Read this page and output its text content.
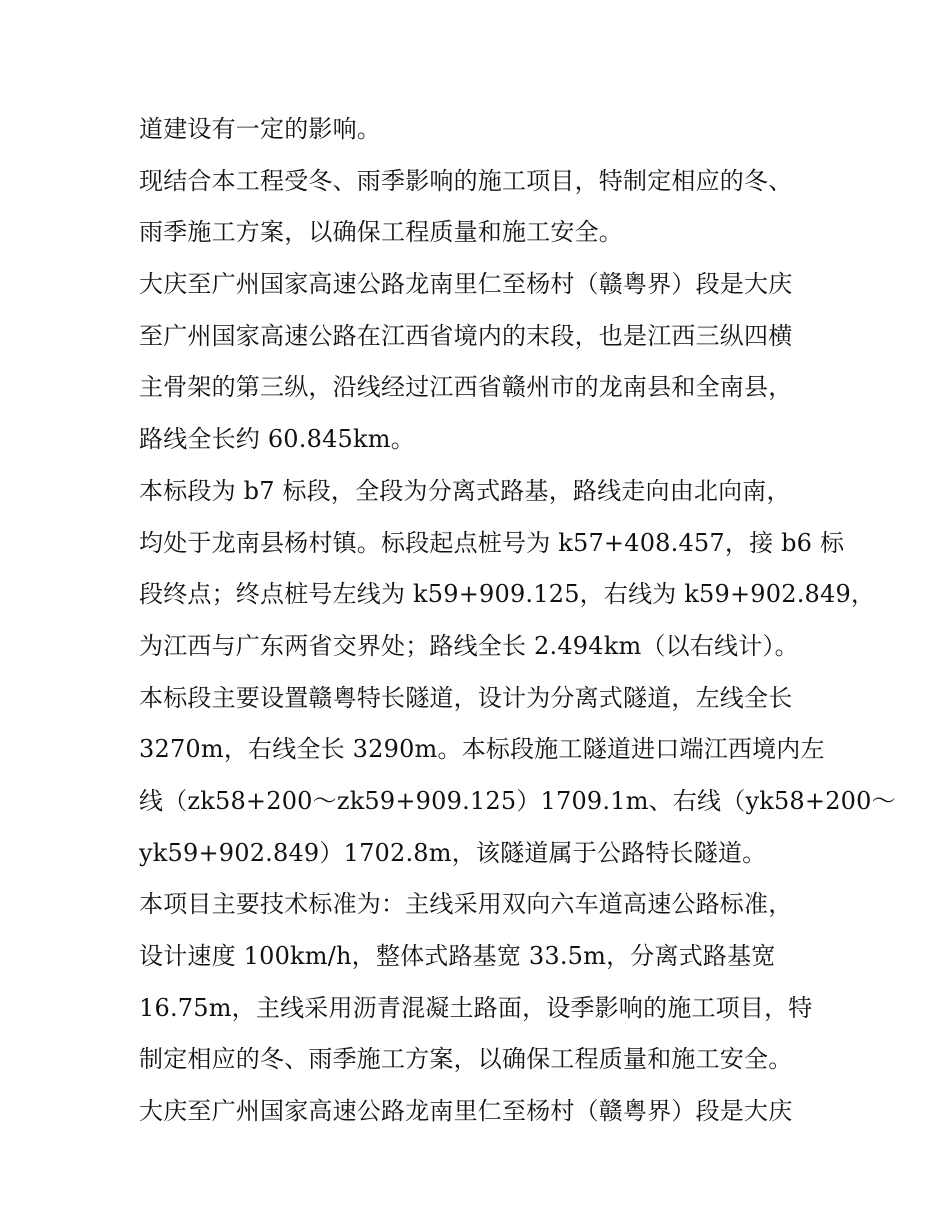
道建设有一定的影响。
现结合本工程受冬、雨季影响的施工项目，特制定相应的冬、
雨季施工方案，以确保工程质量和施工安全。
大庆至广州国家高速公路龙南里仁至杨村（赣粤界）段是大庆
至广州国家高速公路在江西省境内的末段，也是江西三纵四横
主骨架的第三纵，沿线经过江西省赣州市的龙南县和全南县，
路线全长约 60.845km。
本标段为 b7 标段，全段为分离式路基，路线走向由北向南，
均处于龙南县杨村镇。标段起点桩号为 k57+408.457，接 b6 标
段终点；终点桩号左线为 k59+909.125，右线为 k59+902.849，
为江西与广东两省交界处；路线全长 2.494km（以右线计）。
本标段主要设置赣粤特长隧道，设计为分离式隧道，左线全长
3270m，右线全长 3290m。本标段施工隧道进口端江西境内左
线（zk58+200～zk59+909.125）1709.1m、右线（yk58+200～
yk59+902.849）1702.8m，该隧道属于公路特长隧道。
本项目主要技术标准为：主线采用双向六车道高速公路标准，
设计速度 100km/h，整体式路基宽 33.5m，分离式路基宽
16.75m，主线采用沥青混凝土路面，设季影响的施工项目，特
制定相应的冬、雨季施工方案，以确保工程质量和施工安全。
大庆至广州国家高速公路龙南里仁至杨村（赣粤界）段是大庆
